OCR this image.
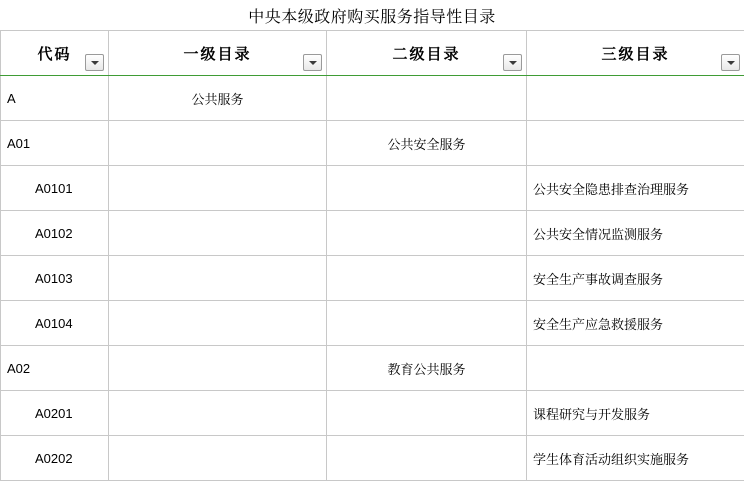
中央本级政府购买服务指导性目录
代码	一级目录	二级目录	三级目录

A	公共服务		

A01		公共安全服务	

A0101			公共安全隐患排查治理服务

A0102			公共安全情况监测服务

A0103			安全生产事故调查服务

A0104			安全生产应急救援服务

A02		教育公共服务	

A0201			课程研究与开发服务

A0202			学生体育活动组织实施服务
